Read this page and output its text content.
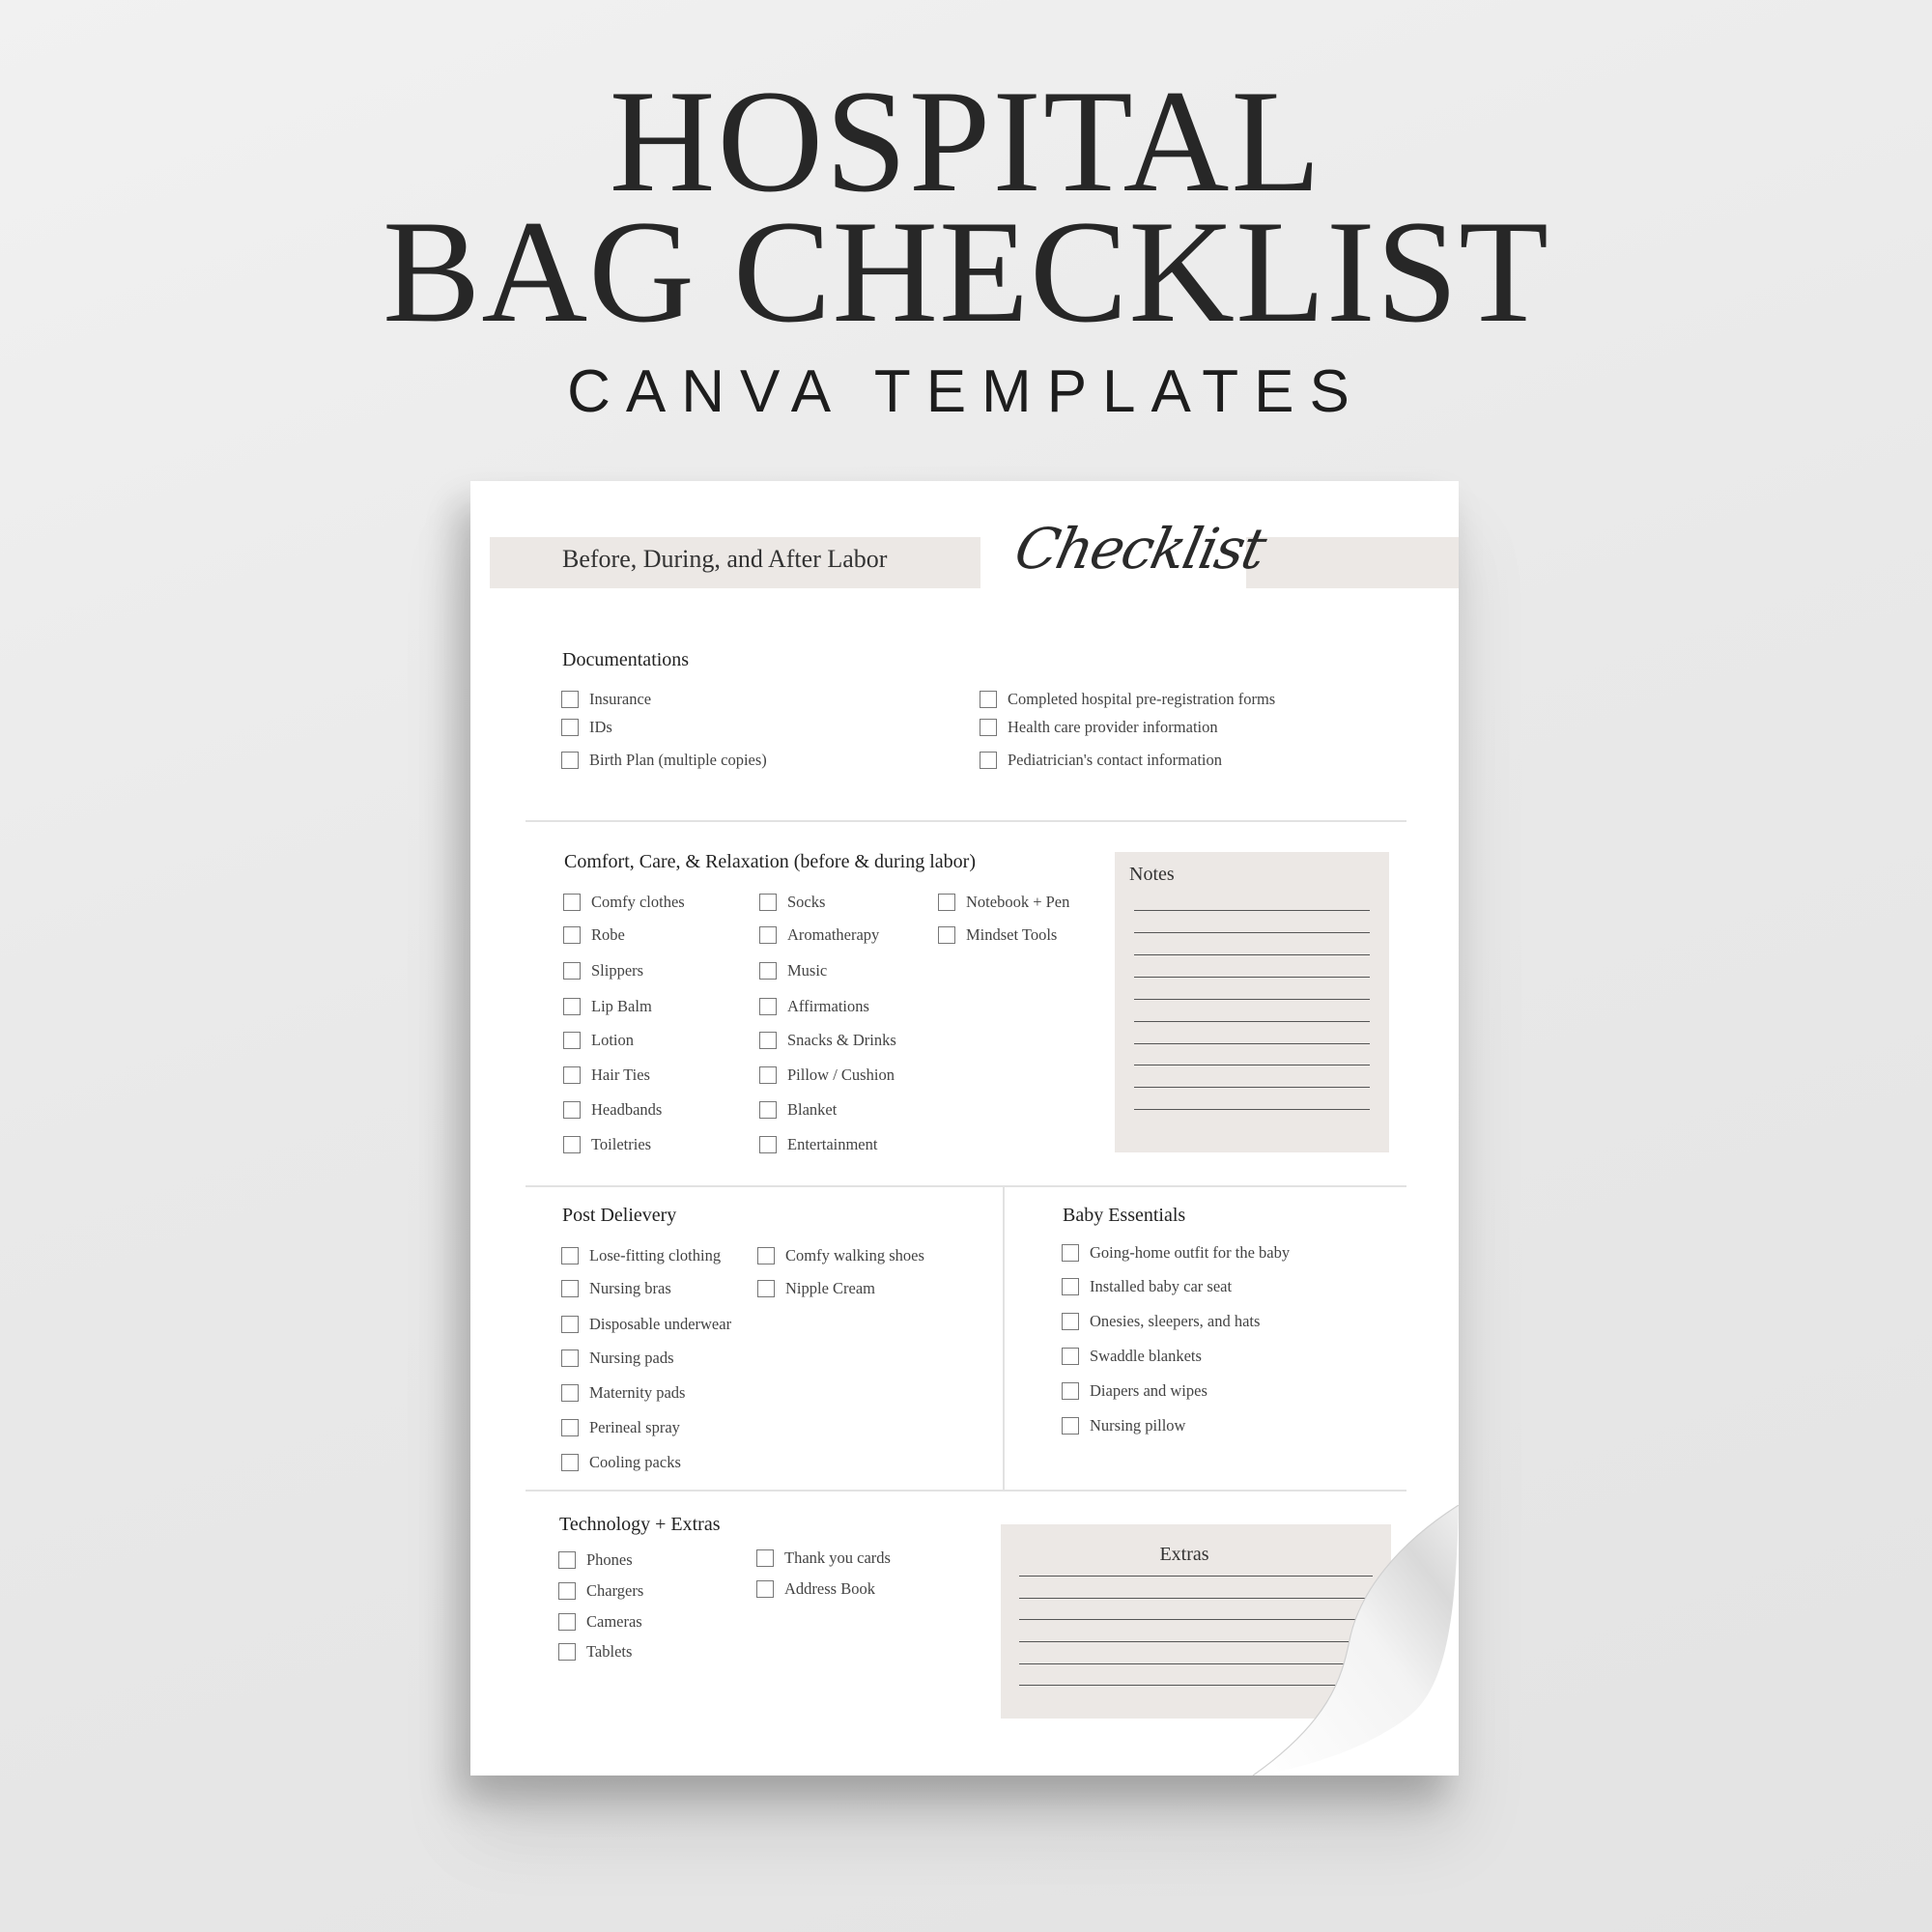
HOSPITAL
BAG CHECKLIST
CANVA TEMPLATES
Before, During, and After Labor Checklist
Documentations
Insurance
IDs
Birth Plan (multiple copies)
Completed hospital pre-registration forms
Health care provider information
Pediatrician's contact information
Comfort, Care, & Relaxation (before & during labor)
Comfy clothes
Robe
Slippers
Lip Balm
Lotion
Hair Ties
Headbands
Toiletries
Socks
Aromatherapy
Music
Affirmations
Snacks & Drinks
Pillow / Cushion
Blanket
Entertainment
Notebook + Pen
Mindset Tools
Notes
Post Delievery
Lose-fitting clothing
Nursing bras
Disposable underwear
Nursing pads
Maternity pads
Perineal spray
Cooling packs
Comfy walking shoes
Nipple Cream
Baby Essentials
Going-home outfit for the baby
Installed baby car seat
Onesies, sleepers, and hats
Swaddle blankets
Diapers and wipes
Nursing pillow
Technology + Extras
Phones
Chargers
Cameras
Tablets
Thank you cards
Address Book
Extras
